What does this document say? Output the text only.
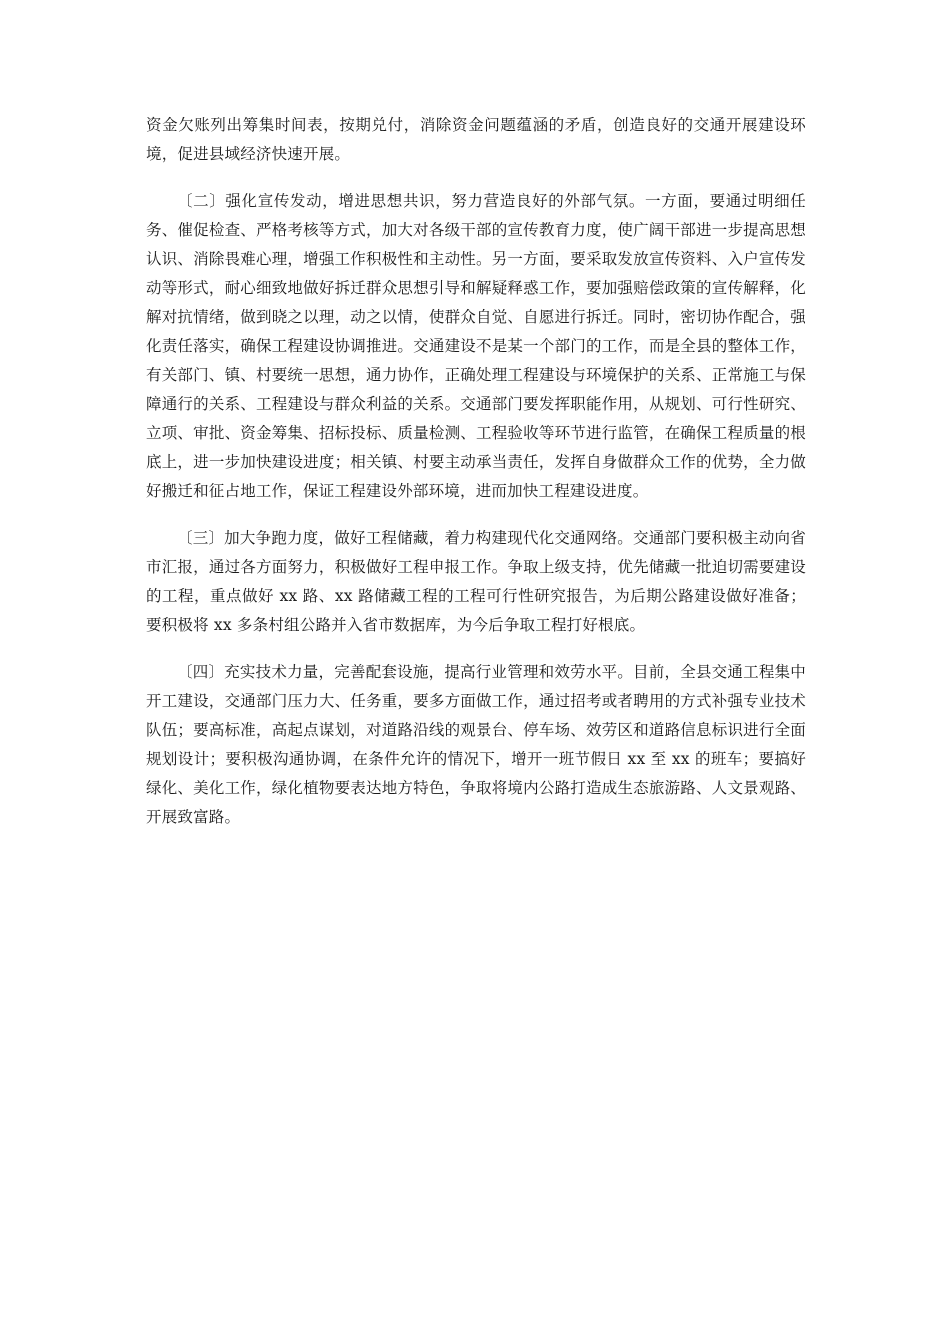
资金欠账列出筹集时间表，按期兑付，消除资金问题蕴涵的矛盾，创造良好的交通开展建设环境，促进县域经济快速开展。

〔二〕强化宣传发动，增进思想共识，努力营造良好的外部气氛。一方面，要通过明细任务、催促检查、严格考核等方式，加大对各级干部的宣传教育力度，使广阔干部进一步提高思想认识、消除畏难心理，增强工作积极性和主动性。另一方面，要采取发放宣传资料、入户宣传发动等形式，耐心细致地做好拆迁群众思想引导和解疑释惑工作，要加强赔偿政策的宣传解释，化解对抗情绪，做到晓之以理，动之以情，使群众自觉、自愿进行拆迁。同时，密切协作配合，强化责任落实，确保工程建设协调推进。交通建设不是某一个部门的工作，而是全县的整体工作，有关部门、镇、村要统一思想，通力协作，正确处理工程建设与环境保护的关系、正常施工与保障通行的关系、工程建设与群众利益的关系。交通部门要发挥职能作用，从规划、可行性研究、立项、审批、资金筹集、招标投标、质量检测、工程验收等环节进行监管，在确保工程质量的根底上，进一步加快建设进度；相关镇、村要主动承当责任，发挥自身做群众工作的优势，全力做好搬迁和征占地工作，保证工程建设外部环境，进而加快工程建设进度。

〔三〕加大争跑力度，做好工程储藏，着力构建现代化交通网络。交通部门要积极主动向省市汇报，通过各方面努力，积极做好工程申报工作。争取上级支持，优先储藏一批迫切需要建设的工程，重点做好 xx 路、xx 路储藏工程的工程可行性研究报告，为后期公路建设做好准备；要积极将 xx 多条村组公路并入省市数据库，为今后争取工程打好根底。

〔四〕充实技术力量，完善配套设施，提高行业管理和效劳水平。目前，全县交通工程集中开工建设，交通部门压力大、任务重，要多方面做工作，通过招考或者聘用的方式补强专业技术队伍；要高标准，高起点谋划，对道路沿线的观景台、停车场、效劳区和道路信息标识进行全面规划设计；要积极沟通协调，在条件允许的情况下，增开一班节假日 xx 至 xx 的班车；要搞好绿化、美化工作，绿化植物要表达地方特色，争取将境内公路打造成生态旅游路、人文景观路、开展致富路。
